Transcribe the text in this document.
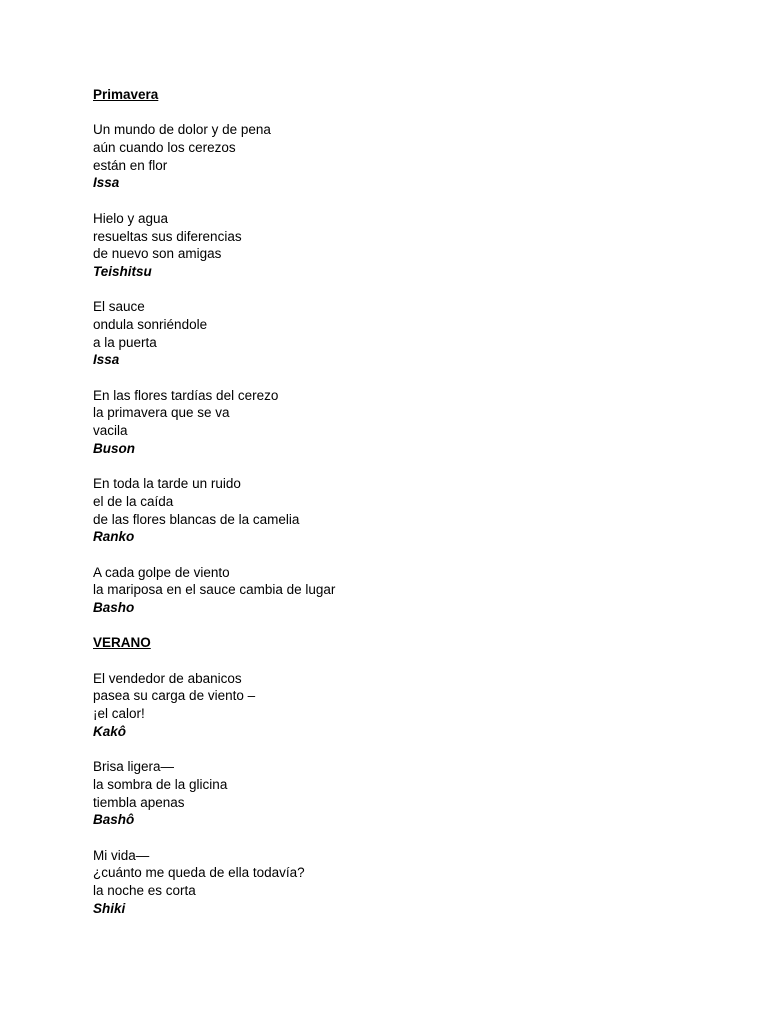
Primavera
Un mundo de dolor y de pena
aún cuando los cerezos
están en flor
Issa
Hielo y agua
resueltas sus diferencias
de nuevo son amigas
Teishitsu
El sauce
ondula sonriéndole
a la puerta
Issa
En las flores tardías del cerezo
la primavera que se va
vacila
Buson
En toda la tarde un ruido
el de la caída
de las flores blancas de la camelia
Ranko
A cada golpe de viento
la mariposa en el sauce cambia de lugar
Basho
VERANO
El vendedor de abanicos
pasea su carga de viento –
¡el calor!
Kakô
Brisa ligera—
la sombra de la glicina
tiembla apenas
Bashô
Mi vida—
¿cuánto me queda de ella todavía?
la noche es corta
Shiki
